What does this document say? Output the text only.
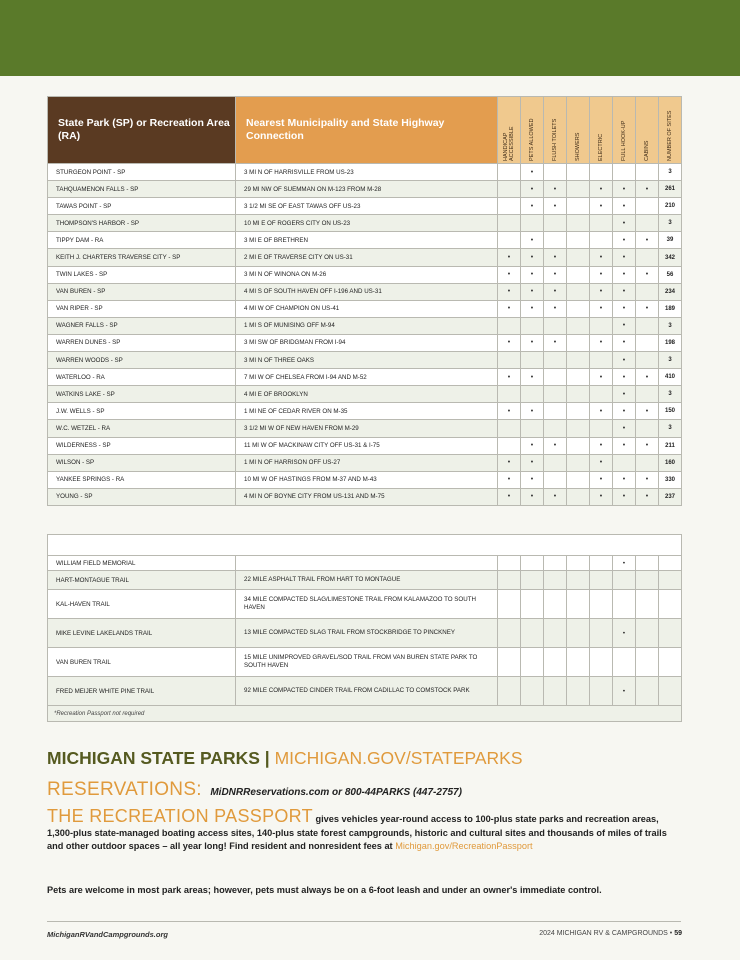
State Park (SP) or Recreation Area (RA)	Nearest Municipality and State Highway Connection	HANDICAP ACCESSIBLE	PETS ALLOWED	FLUSH TOILETS	SHOWERS	ELECTRIC	FULL HOOK-UP	CABINS	NUMBER OF SITES

STURGEON POINT - SP	3 MI N OF HARRISVILLE FROM US-23		•						3
TAHQUAMENON FALLS - SP	29 MI NW OF SUEMMAN ON M-123 FROM M-28		•	•		•	•	•	261
TAWAS POINT - SP	3 1/2 MI SE OF EAST TAWAS OFF US-23		•	•		•	•		210
THOMPSON'S HARBOR - SP	10 MI E OF ROGERS CITY ON US-23						•		3
TIPPY DAM - RA	3 MI E OF BRETHREN		•				•	•	39
KEITH J. CHARTERS TRAVERSE CITY - SP	2 MI E OF TRAVERSE CITY ON US-31	•	•	•		•	•		342
TWIN LAKES - SP	3 MI N OF WINONA ON M-26	•	•	•		•	•	•	56
VAN BUREN - SP	4 MI S OF SOUTH HAVEN OFF I-196 AND US-31	•	•	•		•	•		234
VAN RIPER - SP	4 MI W OF CHAMPION ON US-41	•	•	•		•	•	•	189
WAGNER FALLS - SP	1 MI S OF MUNISING OFF M-94						•		3
WARREN DUNES - SP	3 MI SW OF BRIDGMAN FROM I-94	•	•	•		•	•		198
WARREN WOODS - SP	3 MI N OF THREE OAKS						•		3
WATERLOO - RA	7 MI W OF CHELSEA FROM I-94 AND M-52	•	•			•	•	•	410
WATKINS LAKE - SP	4 MI E OF BROOKLYN						•		3
J.W. WELLS - SP	1 MI NE OF CEDAR RIVER ON M-35	•	•			•	•	•	150
W.C. WETZEL - RA	3 1/2 MI W OF NEW HAVEN FROM M-29						•		3
WILDERNESS - SP	11 MI W OF MACKINAW CITY OFF US-31 & I-75		•	•		•	•	•	211
WILSON - SP	1 MI N OF HARRISON OFF US-27	•	•			•			160
YANKEE SPRINGS - RA	10 MI W OF HASTINGS FROM M-37 AND M-43	•	•			•	•	•	330
YOUNG - SP	4 MI N OF BOYNE CITY FROM US-131 AND M-75	•	•	•		•	•	•	237
MICHIGAN LINEAR STATE PARKS									
WILLIAM FIELD MEMORIAL							•		
HART-MONTAGUE TRAIL	22 MILE ASPHALT TRAIL FROM HART TO MONTAGUE								
KAL-HAVEN TRAIL	34 MILE COMPACTED SLAG/LIMESTONE TRAIL FROM KALAMAZOO TO SOUTH HAVEN								
MIKE LEVINE LAKELANDS TRAIL	13 MILE COMPACTED SLAG TRAIL FROM STOCKBRIDGE TO PINCKNEY						•		
VAN BUREN TRAIL	15 MILE UNIMPROVED GRAVEL/SOD TRAIL FROM VAN BUREN STATE PARK TO SOUTH HAVEN								
FRED MEIJER WHITE PINE TRAIL	92 MILE COMPACTED CINDER TRAIL FROM CADILLAC TO COMSTOCK PARK						•		
*Recreation Passport not required									
MICHIGAN STATE PARKS | MICHIGAN.GOV/STATEPARKS
RESERVATIONS: MiDNRReservations.com or 800-44PARKS (447-2757)
THE RECREATION PASSPORT gives vehicles year-round access to 100-plus state parks and recreation areas, 1,300-plus state-managed boating access sites, 140-plus state forest campgrounds, historic and cultural sites and thousands of miles of trails and other outdoor spaces – all year long! Find resident and nonresident fees at Michigan.gov/RecreationPassport
Pets are welcome in most park areas; however, pets must always be on a 6-foot leash and under an owner's immediate control.
MichiganRVandCampgrounds.org	2024 MICHIGAN RV & CAMPGROUNDS • 59
